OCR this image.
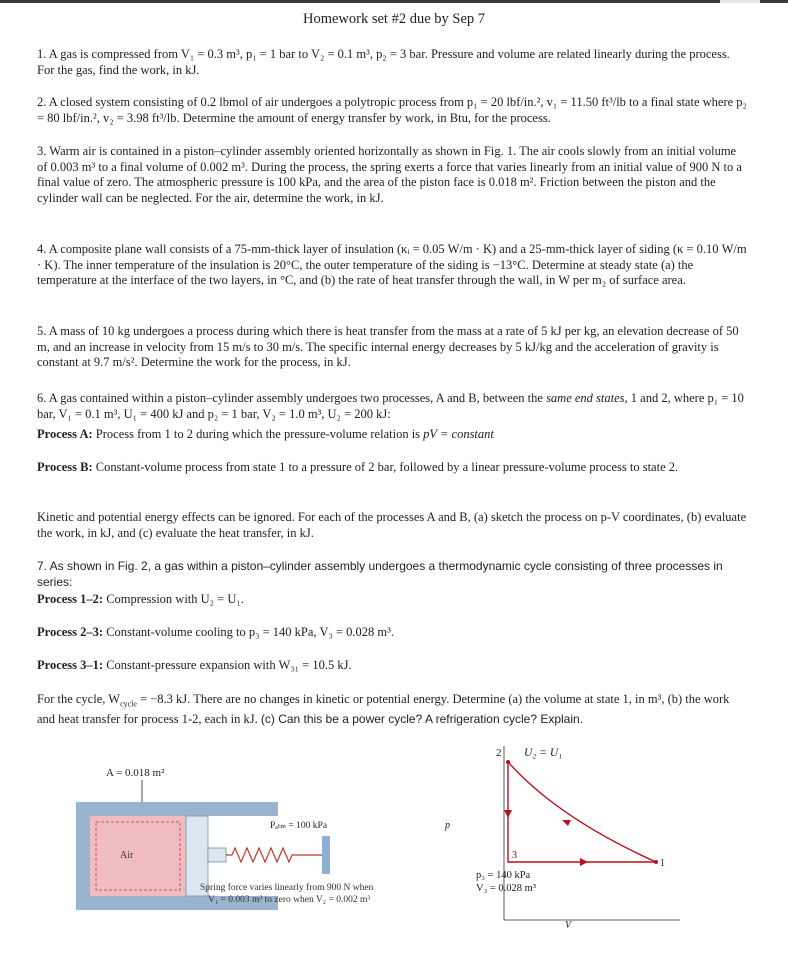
Homework set #2 due by Sep 7

1. A gas is compressed from V₁ = 0.3 m³, p₁ = 1 bar to V₂ = 0.1 m³, p₂ = 3 bar. Pressure and volume are related linearly during the process. For the gas, find the work, in kJ.

2. A closed system consisting of 0.2 lbmol of air undergoes a polytropic process from p₁ = 20 lbf/in.², v₁ = 11.50 ft³/lb to a final state where p₂ = 80 lbf/in.², v₂ = 3.98 ft³/lb. Determine the amount of energy transfer by work, in Btu, for the process.

3. Warm air is contained in a piston–cylinder assembly oriented horizontally as shown in Fig. 1. The air cools slowly from an initial volume of 0.003 m³ to a final volume of 0.002 m³. During the process, the spring exerts a force that varies linearly from an initial value of 900 N to a final value of zero. The atmospheric pressure is 100 kPa, and the area of the piston face is 0.018 m². Friction between the piston and the cylinder wall can be neglected. For the air, determine the work, in kJ.

4. A composite plane wall consists of a 75-mm-thick layer of insulation (κᵢ = 0.05 W/m · K) and a 25-mm-thick layer of siding (κ = 0.10 W/m · K). The inner temperature of the insulation is 20°C, the outer temperature of the siding is −13°C. Determine at steady state (a) the temperature at the interface of the two layers, in °C, and (b) the rate of heat transfer through the wall, in W per m₂ of surface area.

5. A mass of 10 kg undergoes a process during which there is heat transfer from the mass at a rate of 5 kJ per kg, an elevation decrease of 50 m, and an increase in velocity from 15 m/s to 30 m/s. The specific internal energy decreases by 5 kJ/kg and the acceleration of gravity is constant at 9.7 m/s². Determine the work for the process, in kJ.

6. A gas contained within a piston–cylinder assembly undergoes two processes, A and B, between the same end states, 1 and 2, where p₁ = 10 bar, V₁ = 0.1 m³, U₁ = 400 kJ and p₂ = 1 bar, V₂ = 1.0 m³, U₂ = 200 kJ:

Process A: Process from 1 to 2 during which the pressure-volume relation is pV = constant

Process B: Constant-volume process from state 1 to a pressure of 2 bar, followed by a linear pressure-volume process to state 2.

Kinetic and potential energy effects can be ignored. For each of the processes A and B, (a) sketch the process on p-V coordinates, (b) evaluate the work, in kJ, and (c) evaluate the heat transfer, in kJ.

7. As shown in Fig. 2, a gas within a piston–cylinder assembly undergoes a thermodynamic cycle consisting of three processes in series:

Process 1–2: Compression with U₂ = U₁.

Process 2–3: Constant-volume cooling to p₃ = 140 kPa, V₃ = 0.028 m³.

Process 3–1: Constant-pressure expansion with W₃₁ = 10.5 kJ.

For the cycle, $W_{cycle} = -8.3$ kJ. There are no changes in kinetic or potential energy. Determine (a) the volume at state 1, in m³, (b) the work and heat transfer for process 1-2, each in kJ. (c) Can this be a power cycle? A refrigeration cycle? Explain.

A = 0.018 m²
Air
Pₐₜₘ = 100 kPa
Spring force varies linearly from 900 N when
V₁ = 0.003 m³ to zero when V₂ = 0.002 m³
2 U₂ = U₁
p
V
3
1
p₃ = 140 kPa
V₃ = 0.028 m³
